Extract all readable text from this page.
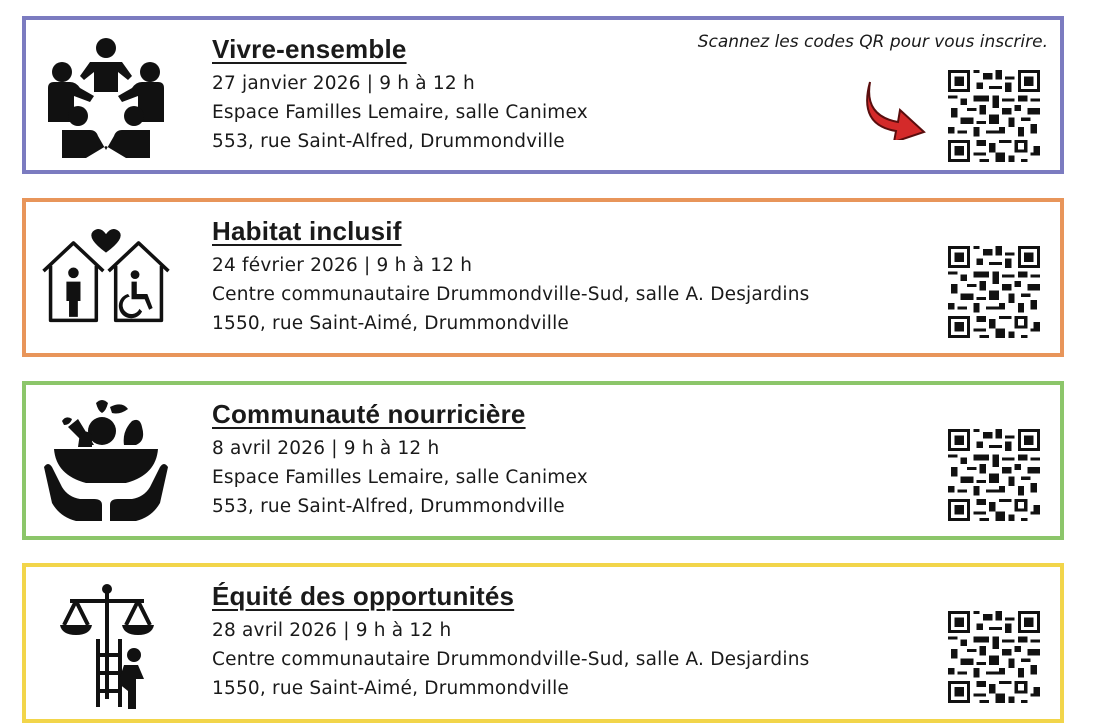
Vivre-ensemble
27 janvier 2026 | 9 h à 12 h
Espace Familles Lemaire, salle Canimex
553, rue Saint-Alfred, Drummondville
Scannez les codes QR pour vous inscrire.
Habitat inclusif
24 février 2026 | 9 h à 12 h
Centre communautaire Drummondville-Sud, salle A. Desjardins
1550, rue Saint-Aimé, Drummondville
Communauté nourricière
8 avril 2026 | 9 h à 12 h
Espace Familles Lemaire, salle Canimex
553, rue Saint-Alfred, Drummondville
Équité des opportunités
28 avril 2026 | 9 h à 12 h
Centre communautaire Drummondville-Sud, salle A. Desjardins
1550, rue Saint-Aimé, Drummondville
